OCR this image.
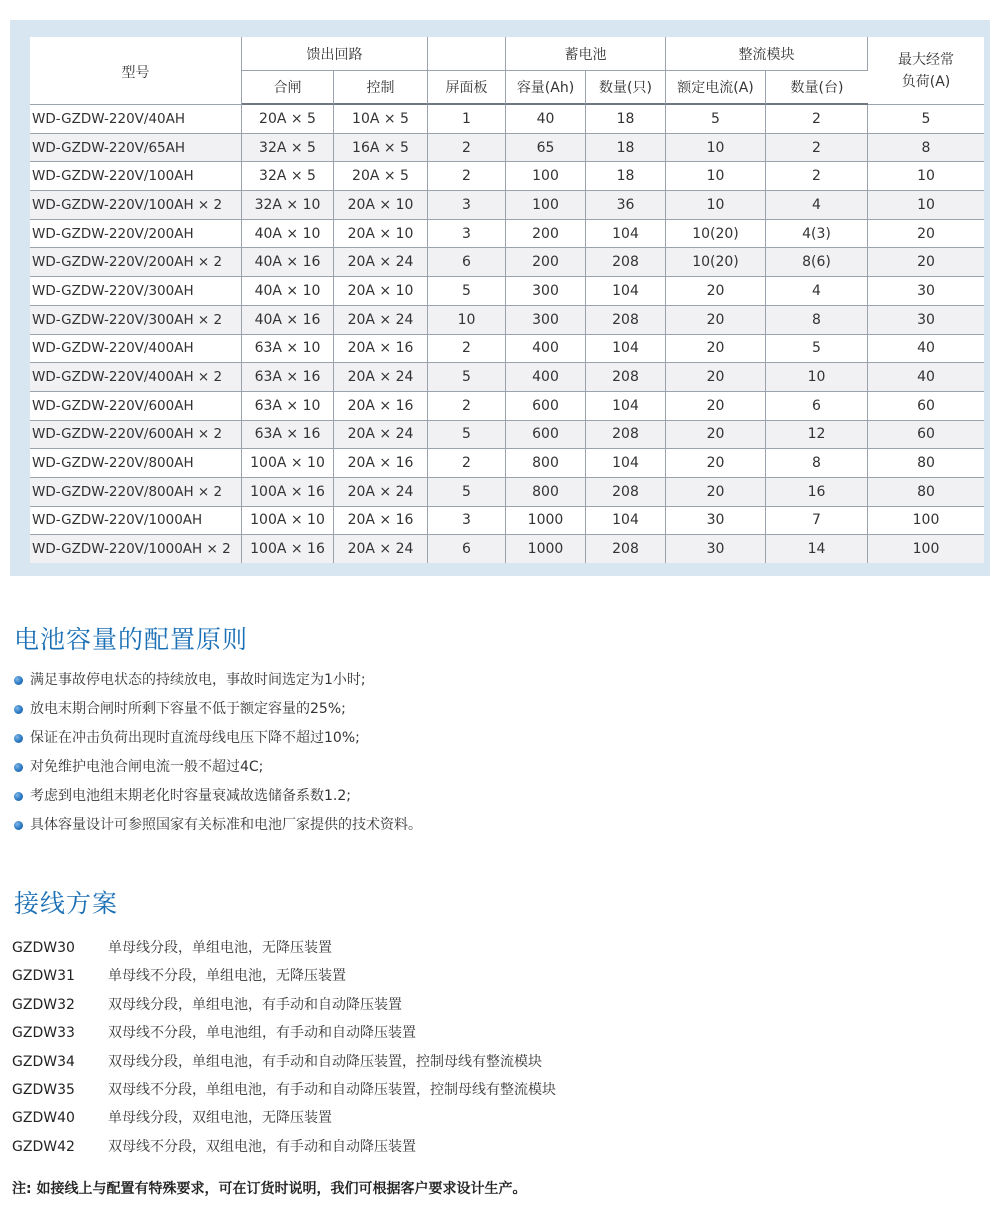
型号	馈出回路			蓄电池		整流模块		最大经常
负荷(A)
	合闸	控制	屏面板	容量(Ah)	数量(只)	额定电流(A)	数量(台)	
WD-GZDW-220V/40AH	20A × 5	10A × 5	1	40	18	5	2	5
WD-GZDW-220V/65AH	32A × 5	16A × 5	2	65	18	10	2	8
WD-GZDW-220V/100AH	32A × 5	20A × 5	2	100	18	10	2	10
WD-GZDW-220V/100AH × 2	32A × 10	20A × 10	3	100	36	10	4	10
WD-GZDW-220V/200AH	40A × 10	20A × 10	3	200	104	10(20)	4(3)	20
WD-GZDW-220V/200AH × 2	40A × 16	20A × 24	6	200	208	10(20)	8(6)	20
WD-GZDW-220V/300AH	40A × 10	20A × 10	5	300	104	20	4	30
WD-GZDW-220V/300AH × 2	40A × 16	20A × 24	10	300	208	20	8	30
WD-GZDW-220V/400AH	63A × 10	20A × 16	2	400	104	20	5	40
WD-GZDW-220V/400AH × 2	63A × 16	20A × 24	5	400	208	20	10	40
WD-GZDW-220V/600AH	63A × 10	20A × 16	2	600	104	20	6	60
WD-GZDW-220V/600AH × 2	63A × 16	20A × 24	5	600	208	20	12	60
WD-GZDW-220V/800AH	100A × 10	20A × 16	2	800	104	20	8	80
WD-GZDW-220V/800AH × 2	100A × 16	20A × 24	5	800	208	20	16	80
WD-GZDW-220V/1000AH	100A × 10	20A × 16	3	1000	104	30	7	100
WD-GZDW-220V/1000AH × 2	100A × 16	20A × 24	6	1000	208	30	14	100
电池容量的配置原则
满足事故停电状态的持续放电，事故时间选定为1小时;
放电末期合闸时所剩下容量不低于额定容量的25%;
保证在冲击负荷出现时直流母线电压下降不超过10%;
对免维护电池合闸电流一般不超过4C;
考虑到电池组末期老化时容量衰减故选储备系数1.2;
具体容量设计可参照国家有关标准和电池厂家提供的技术资料。
接线方案
GZDW30	单母线分段，单组电池，无降压装置
GZDW31	单母线不分段，单组电池，无降压装置
GZDW32	双母线分段，单组电池，有手动和自动降压装置
GZDW33	双母线不分段，单电池组，有手动和自动降压装置
GZDW34	双母线分段，单组电池，有手动和自动降压装置，控制母线有整流模块
GZDW35	双母线不分段，单组电池，有手动和自动降压装置，控制母线有整流模块
GZDW40	单母线分段，双组电池，无降压装置
GZDW42	双母线不分段，双组电池，有手动和自动降压装置
注: 如接线上与配置有特殊要求，可在订货时说明，我们可根据客户要求设计生产。
